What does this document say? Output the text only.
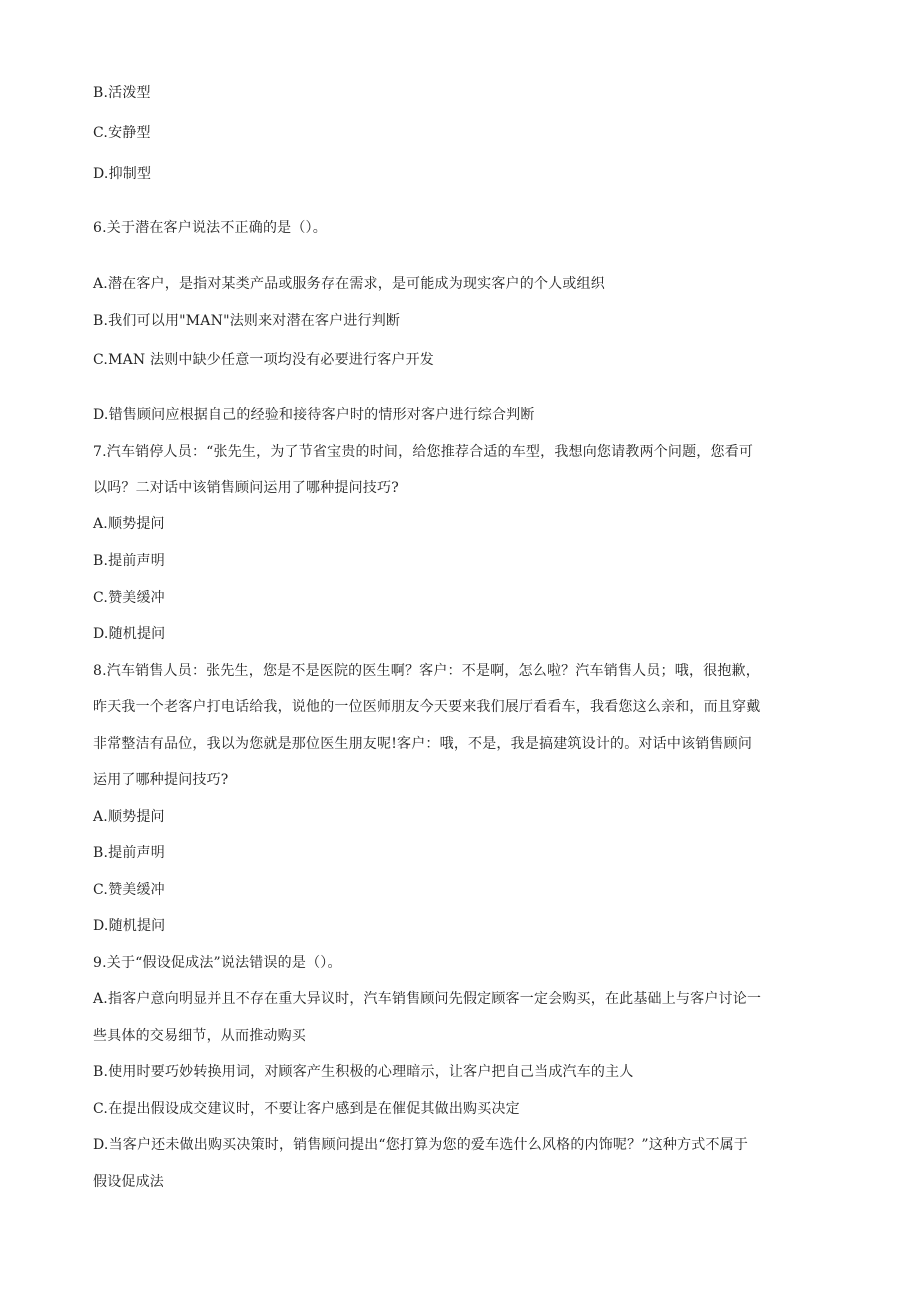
B.活泼型
C.安静型
D.抑制型
6.关于潜在客户说法不正确的是（）。
A.潜在客户，是指对某类产品或服务存在需求，是可能成为现实客户的个人或组织
B.我们可以用"MAN"法则来对潜在客户进行判断
C.MAN 法则中缺少任意一项均没有必要进行客户开发
D.错售顾问应根据自己的经验和接待客户时的情形对客户进行综合判断
7.汽车销停人员：“张先生，为了节省宝贵的时间，给您推荐合适的车型，我想向您请教两个问题，您看可
以吗？二对话中该销售顾问运用了哪种提问技巧?
A.顺势提问
B.提前声明
C.赞美缓冲
D.随机提问
8.汽车销售人员：张先生，您是不是医院的医生啊？客户：不是啊，怎么啦？汽车销售人员；哦，很抱歉，
昨天我一个老客户打电话给我，说他的一位医师朋友今天要来我们展厅看看车，我看您这么亲和，而且穿戴
非常整洁有品位，我以为您就是那位医生朋友呢!客户：哦，不是，我是搞建筑设计的。对话中该销售顾问
运用了哪种提问技巧?
A.顺势提问
B.提前声明
C.赞美缓冲
D.随机提问
9.关于“假设促成法”说法错误的是（）。
A.指客户意向明显并且不存在重大异议时，汽车销售顾问先假定顾客一定会购买，在此基础上与客户讨论一
些具体的交易细节，从而推动购买
B.使用时要巧妙转换用词，对顾客产生积极的心理暗示，让客户把自己当成汽车的主人
C.在提出假设成交建议时，不要让客户感到是在催促其做出购买决定
D.当客户还未做出购买决策时，销售顾问提出“您打算为您的爱车选什么风格的内饰呢？”这种方式不属于
假设促成法
